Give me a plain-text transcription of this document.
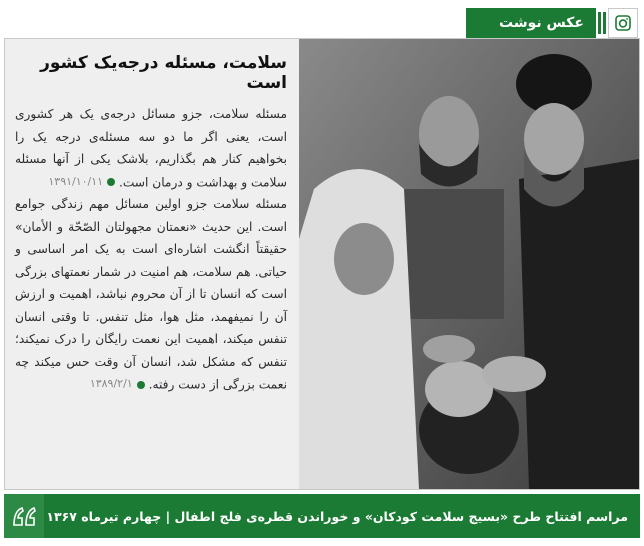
عکس نوشت
سلامت، مسئله درجه‌یک کشور است

مسئله سلامت، جزو مسائل درجه‌ی یک هر کشوری است، یعنی اگر ما دو سه مسئله‌ی درجه یک را بخواهیم کنار هم بگذاریم، بلاشک یکی از آنها مسئله سلامت و بهداشت و درمان است.
۱۳۹۱/۱۰/۱۱

مسئله سلامت جزو اولین مسائل مهم زندگی جوامع است. این حدیث «نعمتان مجهولتان الصّحّة و الأمان» حقیقتاً انگشت اشاره‌ای است به یک امر اساسی و حیاتی. هم سلامت، هم امنیت در شمار نعمتهای بزرگی است که انسان تا از آن محروم نباشد، اهمیت و ارزش آن را نمیفهمد، مثل هوا، مثل تنفس. تا وقتی انسان تنفس میکند، اهمیت این نعمت رایگان را درک نمیکند؛ تنفس که مشکل شد، انسان آن وقت حس میکند چه نعمت بزرگی از دست رفته.
۱۳۸۹/۲/۱

مراسم افتتاح طرح «بسیج سلامت کودکان» و خوراندن قطره‌ی فلج اطفال | چهارم تیرماه ۱۳۶۷
